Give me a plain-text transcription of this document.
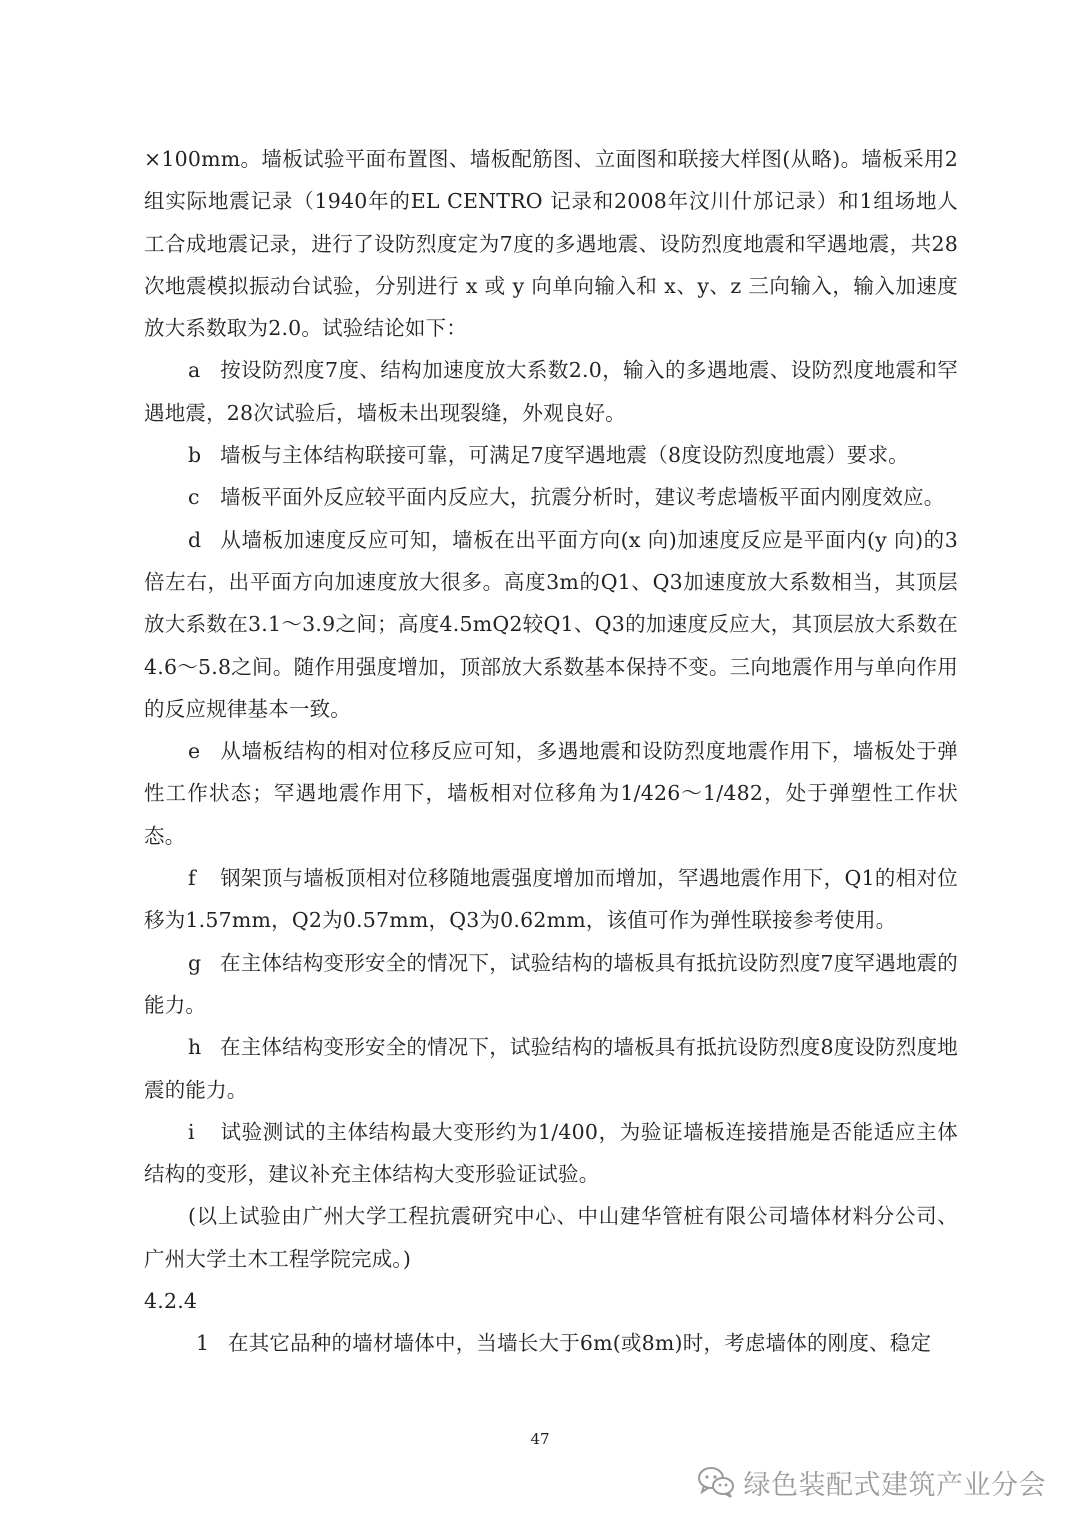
×100mm。墙板试验平面布置图、墙板配筋图、立面图和联接大样图(从略)。墙板采用2组实际地震记录（1940年的EL CENTRO 记录和2008年汶川什邡记录）和1组场地人工合成地震记录，进行了设防烈度定为7度的多遇地震、设防烈度地震和罕遇地震，共28次地震模拟振动台试验，分别进行 x 或 y 向单向输入和 x、y、z 三向输入，输入加速度放大系数取为2.0。试验结论如下：

a 按设防烈度7度、结构加速度放大系数2.0，输入的多遇地震、设防烈度地震和罕遇地震，28次试验后，墙板未出现裂缝，外观良好。

b 墙板与主体结构联接可靠，可满足7度罕遇地震（8度设防烈度地震）要求。

c 墙板平面外反应较平面内反应大，抗震分析时，建议考虑墙板平面内刚度效应。

d 从墙板加速度反应可知，墙板在出平面方向(x 向)加速度反应是平面内(y 向)的3倍左右，出平面方向加速度放大很多。高度3m的Q1、Q3加速度放大系数相当，其顶层放大系数在3.1～3.9之间；高度4.5mQ2较Q1、Q3的加速度反应大，其顶层放大系数在4.6～5.8之间。随作用强度增加，顶部放大系数基本保持不变。三向地震作用与单向作用的反应规律基本一致。

e 从墙板结构的相对位移反应可知，多遇地震和设防烈度地震作用下，墙板处于弹性工作状态；罕遇地震作用下，墙板相对位移角为1/426～1/482，处于弹塑性工作状态。

f 钢架顶与墙板顶相对位移随地震强度增加而增加，罕遇地震作用下，Q1的相对位移为1.57mm，Q2为0.57mm，Q3为0.62mm，该值可作为弹性联接参考使用。

g 在主体结构变形安全的情况下，试验结构的墙板具有抵抗设防烈度7度罕遇地震的能力。

h 在主体结构变形安全的情况下，试验结构的墙板具有抵抗设防烈度8度设防烈度地震的能力。

i 试验测试的主体结构最大变形约为1/400，为验证墙板连接措施是否能适应主体结构的变形，建议补充主体结构大变形验证试验。

(以上试验由广州大学工程抗震研究中心、中山建华管桩有限公司墙体材料分公司、广州大学土木工程学院完成。)

4.2.4

1 在其它品种的墙材墙体中，当墙长大于6m(或8m)时，考虑墙体的刚度、稳定

47
绿色装配式建筑产业分会
